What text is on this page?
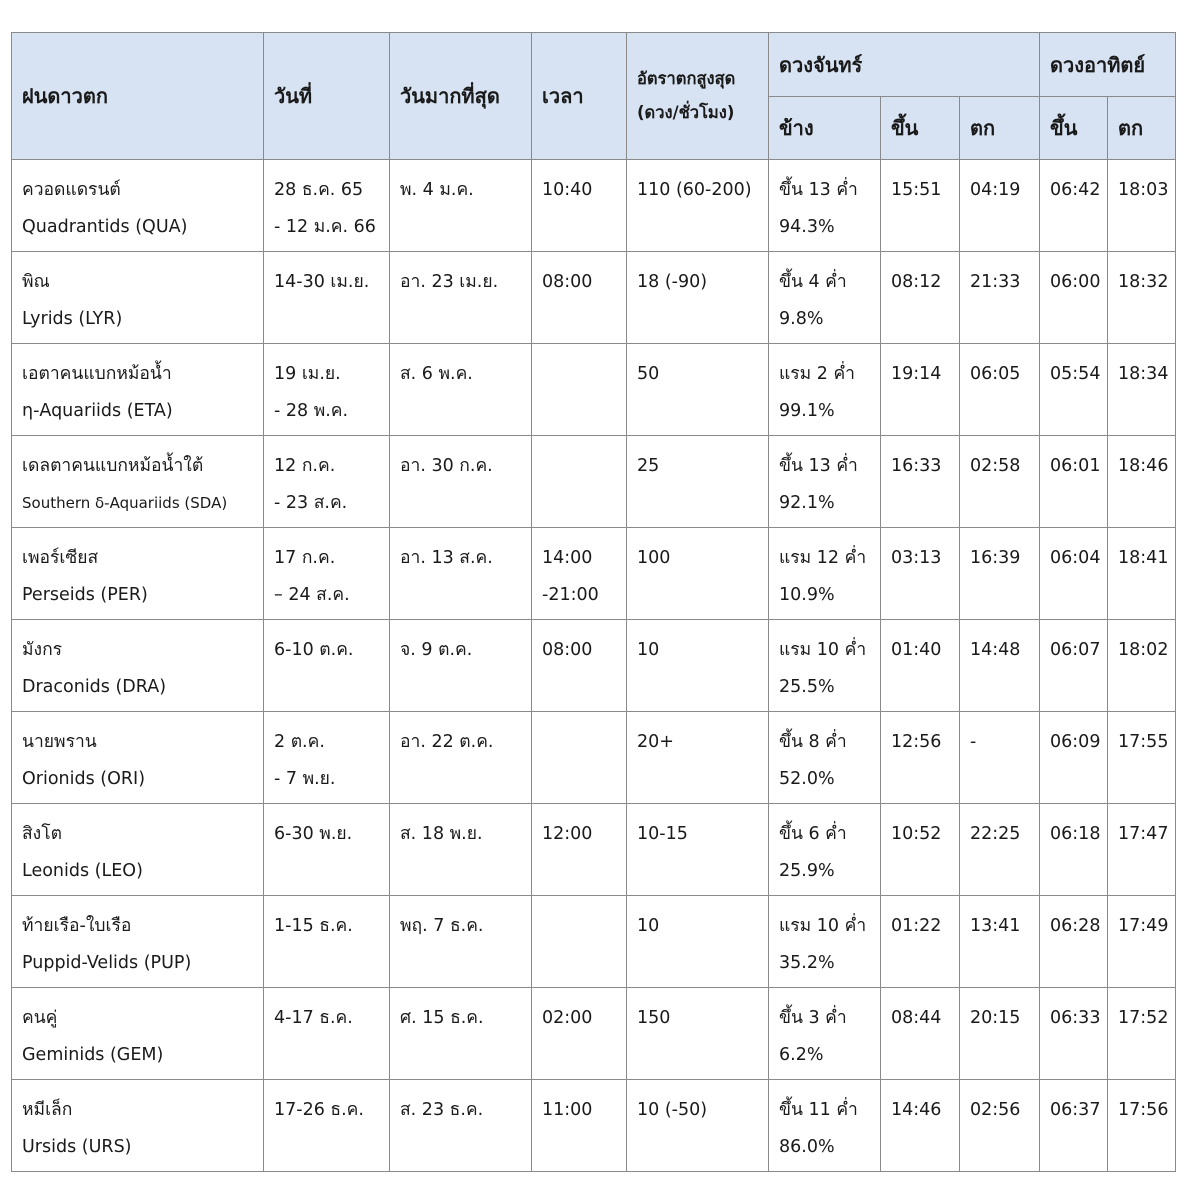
ฝนดาวตก	วันที่	วันมากที่สุด	เวลา	อัตราตกสูงสุด
(ดวง/ชั่วโมง)	ดวงจันทร์			ดวงอาทิตย์	
					ข้าง	ขึ้น	ตก	ขึ้น	ตก

ควอดแดรนต์
Quadrantids (QUA)	28 ธ.ค. 65
- 12 ม.ค. 66	พ. 4 ม.ค.	10:40	110 (60-200)	ขึ้น 13 ค่ำ
94.3%	15:51	04:19	06:42	18:03

พิณ
Lyrids (LYR)	14-30 เม.ย.	อา. 23 เม.ย.	08:00	18 (-90)	ขึ้น 4 ค่ำ
9.8%	08:12	21:33	06:00	18:32

เอตาคนแบกหม้อน้ำ
η-Aquariids (ETA)	19 เม.ย.
- 28 พ.ค.	ส. 6 พ.ค.		50	แรม 2 ค่ำ
99.1%	19:14	06:05	05:54	18:34

เดลตาคนแบกหม้อน้ำใต้
Southern δ-Aquariids (SDA)	12 ก.ค.
- 23 ส.ค.	อา. 30 ก.ค.		25	ขึ้น 13 ค่ำ
92.1%	16:33	02:58	06:01	18:46

เพอร์เซียส
Perseids (PER)	17 ก.ค.
– 24 ส.ค.	อา. 13 ส.ค.	14:00
-21:00	100	แรม 12 ค่ำ
10.9%	03:13	16:39	06:04	18:41

มังกร
Draconids (DRA)	6-10 ต.ค.	จ. 9 ต.ค.	08:00	10	แรม 10 ค่ำ
25.5%	01:40	14:48	06:07	18:02

นายพราน
Orionids (ORI)	2 ต.ค.
- 7 พ.ย.	อา. 22 ต.ค.		20+	ขึ้น 8 ค่ำ
52.0%	12:56	-	06:09	17:55

สิงโต
Leonids (LEO)	6-30 พ.ย.	ส. 18 พ.ย.	12:00	10-15	ขึ้น 6 ค่ำ
25.9%	10:52	22:25	06:18	17:47

ท้ายเรือ-ใบเรือ
Puppid-Velids (PUP)	1-15 ธ.ค.	พฤ. 7 ธ.ค.		10	แรม 10 ค่ำ
35.2%	01:22	13:41	06:28	17:49

คนคู่
Geminids (GEM)	4-17 ธ.ค.	ศ. 15 ธ.ค.	02:00	150	ขึ้น 3 ค่ำ
6.2%	08:44	20:15	06:33	17:52

หมีเล็ก
Ursids (URS)	17-26 ธ.ค.	ส. 23 ธ.ค.	11:00	10 (-50)	ขึ้น 11 ค่ำ
86.0%	14:46	02:56	06:37	17:56
